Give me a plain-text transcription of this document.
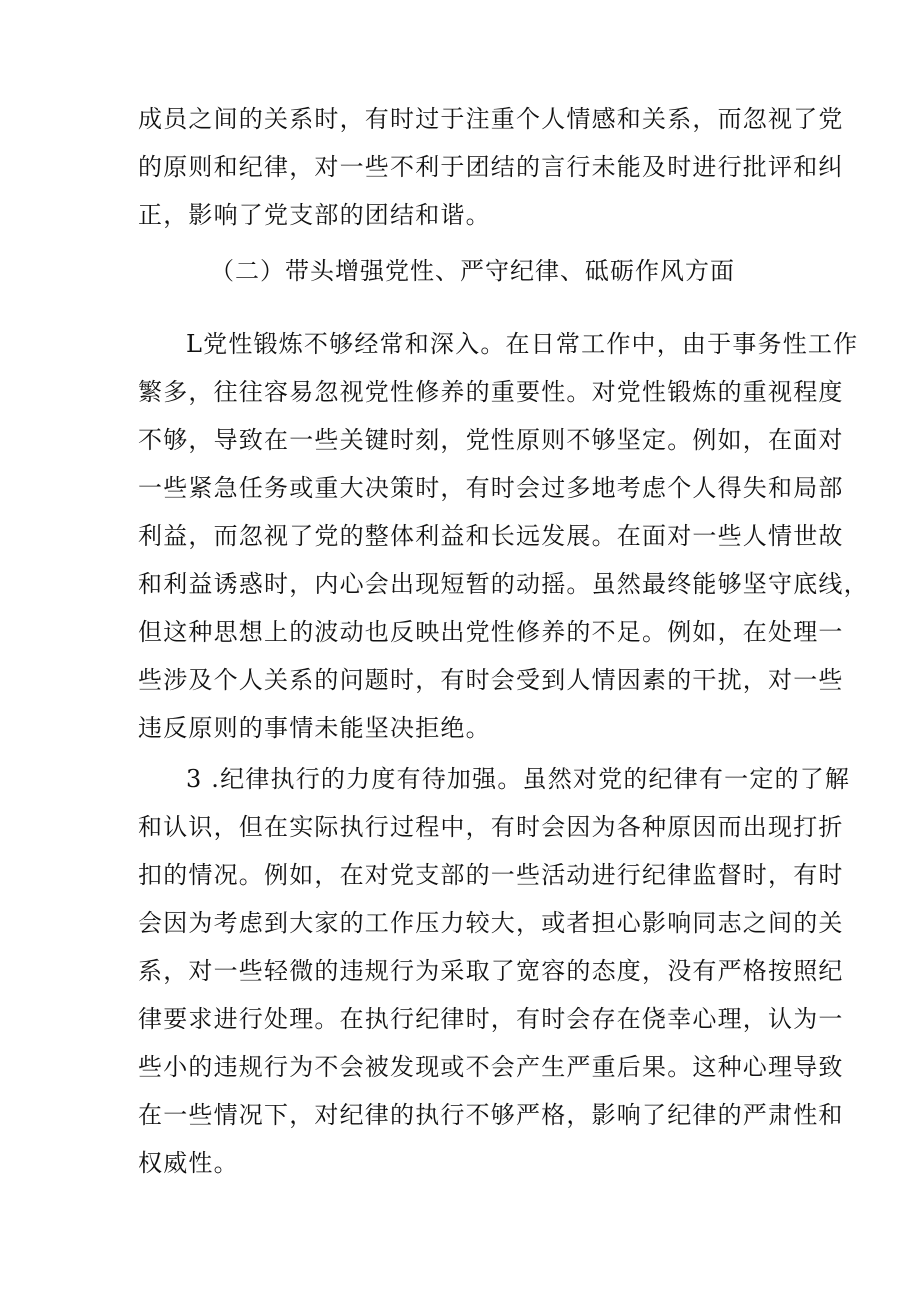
成员之间的关系时，有时过于注重个人情感和关系，而忽视了党
的原则和纪律，对一些不利于团结的言行未能及时进行批评和纠
正，影响了党支部的团结和谐。
（二）带头增强党性、严守纪律、砥砺作风方面
L党性锻炼不够经常和深入。在日常工作中，由于事务性工作
繁多，往往容易忽视党性修养的重要性。对党性锻炼的重视程度
不够，导致在一些关键时刻，党性原则不够坚定。例如，在面对
一些紧急任务或重大决策时，有时会过多地考虑个人得失和局部
利益，而忽视了党的整体利益和长远发展。在面对一些人情世故
和利益诱惑时，内心会出现短暂的动摇。虽然最终能够坚守底线，
但这种思想上的波动也反映出党性修养的不足。例如，在处理一
些涉及个人关系的问题时，有时会受到人情因素的干扰，对一些
违反原则的事情未能坚决拒绝。
3 .纪律执行的力度有待加强。虽然对党的纪律有一定的了解
和认识，但在实际执行过程中，有时会因为各种原因而出现打折
扣的情况。例如，在对党支部的一些活动进行纪律监督时，有时
会因为考虑到大家的工作压力较大，或者担心影响同志之间的关
系，对一些轻微的违规行为采取了宽容的态度，没有严格按照纪
律要求进行处理。在执行纪律时，有时会存在侥幸心理，认为一
些小的违规行为不会被发现或不会产生严重后果。这种心理导致
在一些情况下，对纪律的执行不够严格，影响了纪律的严肃性和
权威性。
